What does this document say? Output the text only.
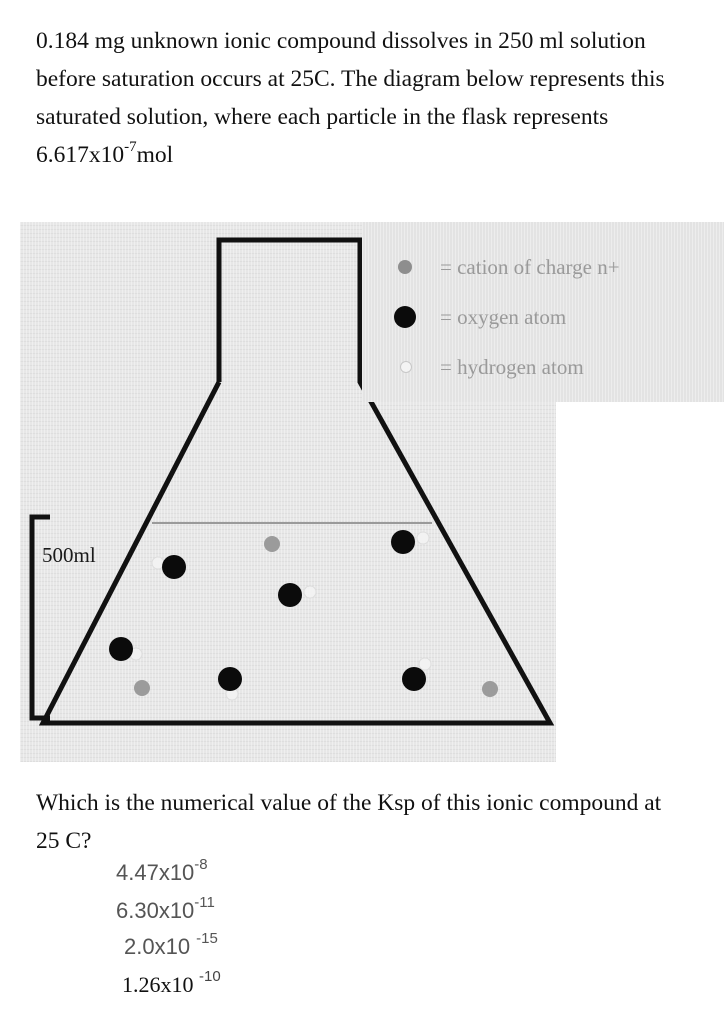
0.184 mg unknown ionic compound dissolves in 250 ml solution before saturation occurs at 25C. The diagram below represents this saturated solution, where each particle in the flask represents $6.617x10^{-7}mol$
500ml
= cation of charge n+
= oxygen atom
= hydrogen atom
Which is the numerical value of the Ksp of this ionic compound at 25 C?
$4.47x10^{-8}$
$6.30x10^{-11}$
2.0x10 $^{-15}$
1.26x10 $^{-10}$
